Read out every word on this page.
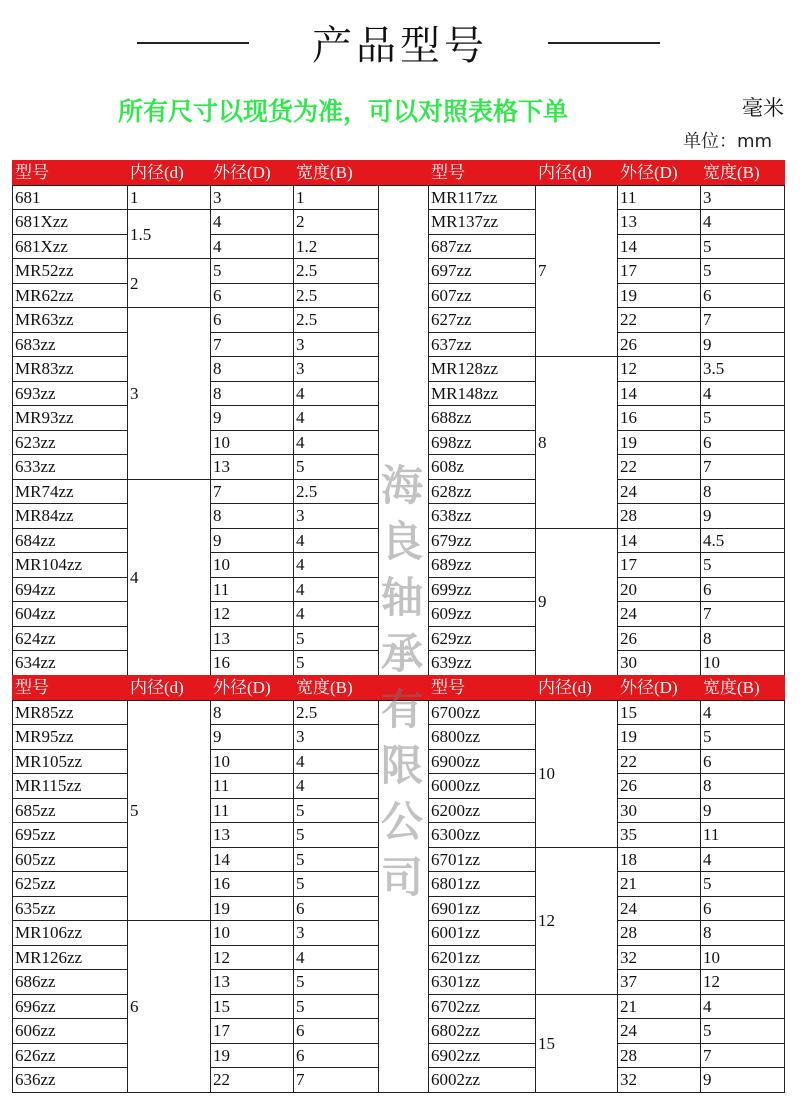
产品型号
所有尺寸以现货为准，可以对照表格下单	毫米
单位：mm
型号	内径(d)	外径(D)	宽度(B)		型号	内径(d)	外径(D)	宽度(B)
681	1	3	1		MR117zz	7	11	3
681Xzz	1.5	4	2		MR137zz		13	4
681Xzz		4	1.2		687zz		14	5
MR52zz	2	5	2.5		697zz		17	5
MR62zz		6	2.5		607zz		19	6
MR63zz	3	6	2.5		627zz		22	7
683zz		7	3		637zz		26	9
MR83zz		8	3		MR128zz	8	12	3.5
693zz		8	4		MR148zz		14	4
MR93zz		9	4		688zz		16	5
623zz		10	4		698zz		19	6
633zz		13	5		608z		22	7
MR74zz	4	7	2.5		628zz		24	8
MR84zz		8	3		638zz		28	9
684zz		9	4		679zz	9	14	4.5
MR104zz		10	4		689zz		17	5
694zz		11	4		699zz		20	6
604zz		12	4		609zz		24	7
624zz		13	5		629zz		26	8
634zz		16	5		639zz		30	10
型号	内径(d)	外径(D)	宽度(B)		型号	内径(d)	外径(D)	宽度(B)
MR85zz	5	8	2.5		6700zz	10	15	4
MR95zz		9	3		6800zz		19	5
MR105zz		10	4		6900zz		22	6
MR115zz		11	4		6000zz		26	8
685zz		11	5		6200zz		30	9
695zz		13	5		6300zz		35	11
605zz		14	5		6701zz	12	18	4
625zz		16	5		6801zz		21	5
635zz		19	6		6901zz		24	6
MR106zz	6	10	3		6001zz		28	8
MR126zz		12	4		6201zz		32	10
686zz		13	5		6301zz		37	12
696zz		15	5		6702zz	15	21	4
606zz		17	6		6802zz		24	5
626zz		19	6		6902zz		28	7
636zz		22	7		6002zz		32	9
海良轴承有限公司
